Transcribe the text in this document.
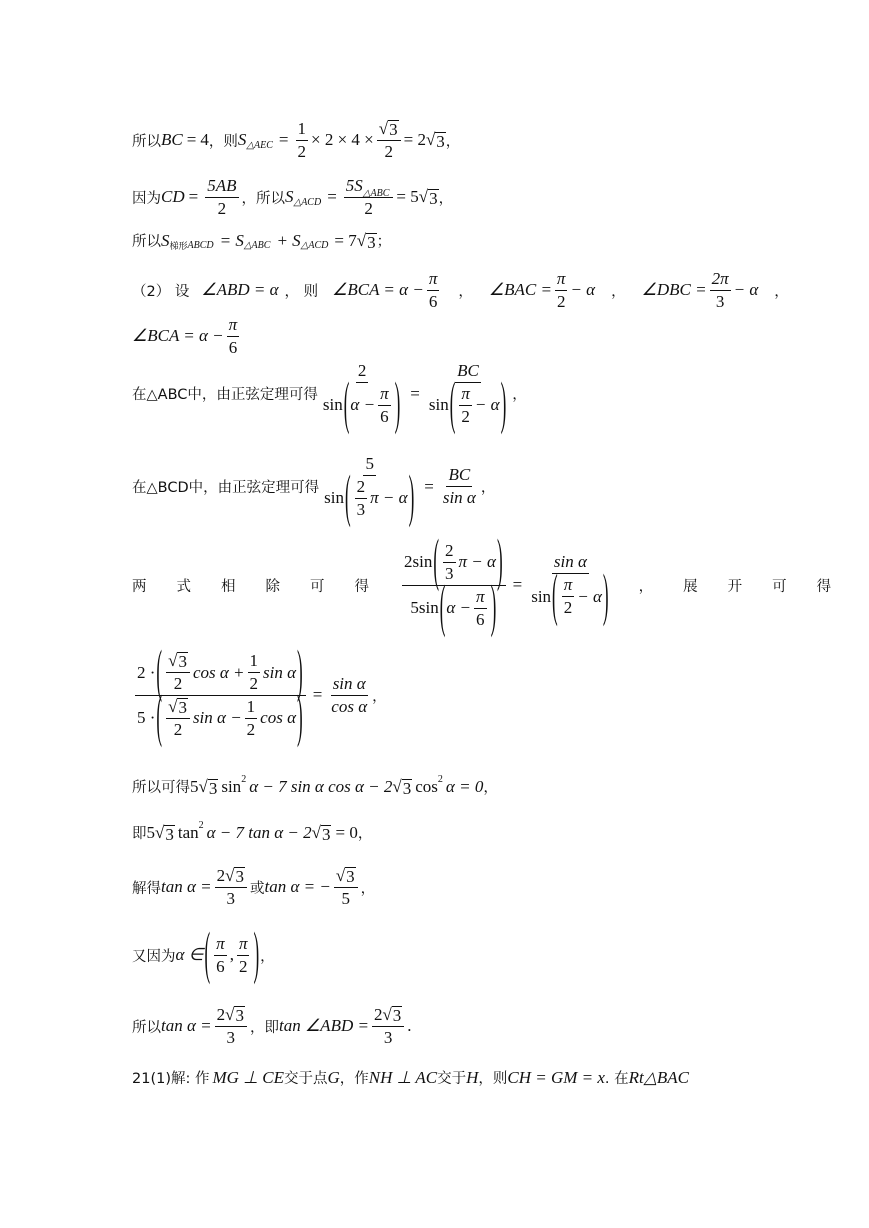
所以 BC = 4 ，则 S △AEC = $\frac{1}{2} \times 2 \times 4 \times \frac{√ 3}{2} = 2$ √ 3 ，
因为 CD = $\frac{5AB}{2}$ ，所以 S △ACD = $\frac{5S_{\triangle ABC}}{2} = 5$ √ 3 ，
所以 S 梯形 ABCD = S △ABC + S △ACD = 7 √ 3 ；
（2） 设 ∠ABD = α ， 则 ∠BCA = $\alpha - \frac{\pi}{6}$ ， ∠BAC = $\frac{\pi}{2} - \alpha$ ， ∠DBC = $\frac{2\pi}{3} - \alpha$ ，
∠BCA = $\alpha - \frac{\pi}{6}$
在△ABC中，由正弦定理可得 $\frac{2}{\sin ( \alpha - \frac{\pi}{6} )} = \frac{BC}{\sin ( \frac{\pi}{2} - \alpha )}$ ，
在△BCD中，由正弦定理可得 $\frac{5}{\sin ( \frac{2}{3} \pi - \alpha )} = \frac{BC}{\text{sin α}}$ ，
两式相除可得 $\frac{2\sin ( \frac{2}{3} \pi - \alpha )}{5\sin ( \alpha - \frac{\pi}{6} )} = \frac{\text{sin α}}{\sin ( \frac{\pi}{2} - \alpha )}$ ， 展开可得
$\frac{2 \cdot ( \frac{√ 3}{2} \cos \alpha + \frac{1}{2} \sin \alpha )}{5 \cdot ( \frac{√ 3}{2} \sin \alpha - \frac{1}{2} \cos \alpha )} = \frac{\text{sin α}}{\text{cos α}}$ ，
所以可得 5 √ 3 sin 2 α − 7 sin α cos α − 2 √ 3 cos 2 α = 0 ，
即 5 √ 3 tan 2 α − 7 tan α − 2 √ 3 = 0 ，
解得 $\tan \alpha = \frac{2 √ 3}{3}$ 或 tan α = − $\frac{√ 3}{5}$ ，
又因为 α ∈ ( $\frac{\pi}{6}$ , $\frac{\pi}{2}$ ) ，
所以 $\tan \alpha = \frac{2 √ 3}{3}$ ，即 tan ∠ABD = $\frac{2 √ 3}{3}$ .
21(1)解: 作 MG ⊥ CE 交于点 G ，作 NH ⊥ AC 交于 H ，则 CH = GM = x . 在 Rt△BAC
